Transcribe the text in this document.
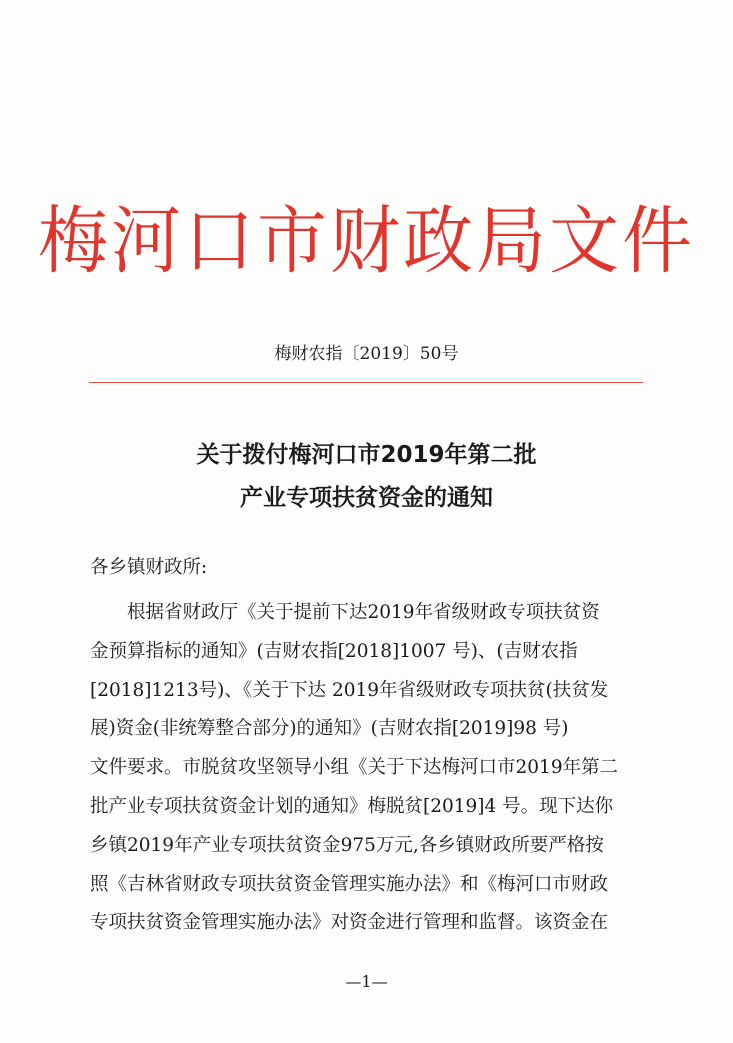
梅河口市财政局文件
梅财农指〔2019〕50号
关于拨付梅河口市2019年第二批
产业专项扶贫资金的通知
各乡镇财政所:
根据省财政厅《关于提前下达2019年省级财政专项扶贫资
金预算指标的通知》(吉财农指[2018]1007 号)、(吉财农指
[2018]1213号)、《关于下达 2019年省级财政专项扶贫(扶贫发
展)资金(非统筹整合部分)的通知》(吉财农指[2019]98 号)
文件要求。市脱贫攻坚领导小组《关于下达梅河口市2019年第二
批产业专项扶贫资金计划的通知》梅脱贫[2019]4 号。现下达你
乡镇2019年产业专项扶贫资金975万元,各乡镇财政所要严格按
照《吉林省财政专项扶贫资金管理实施办法》和《梅河口市财政
专项扶贫资金管理实施办法》对资金进行管理和监督。该资金在
—1—
